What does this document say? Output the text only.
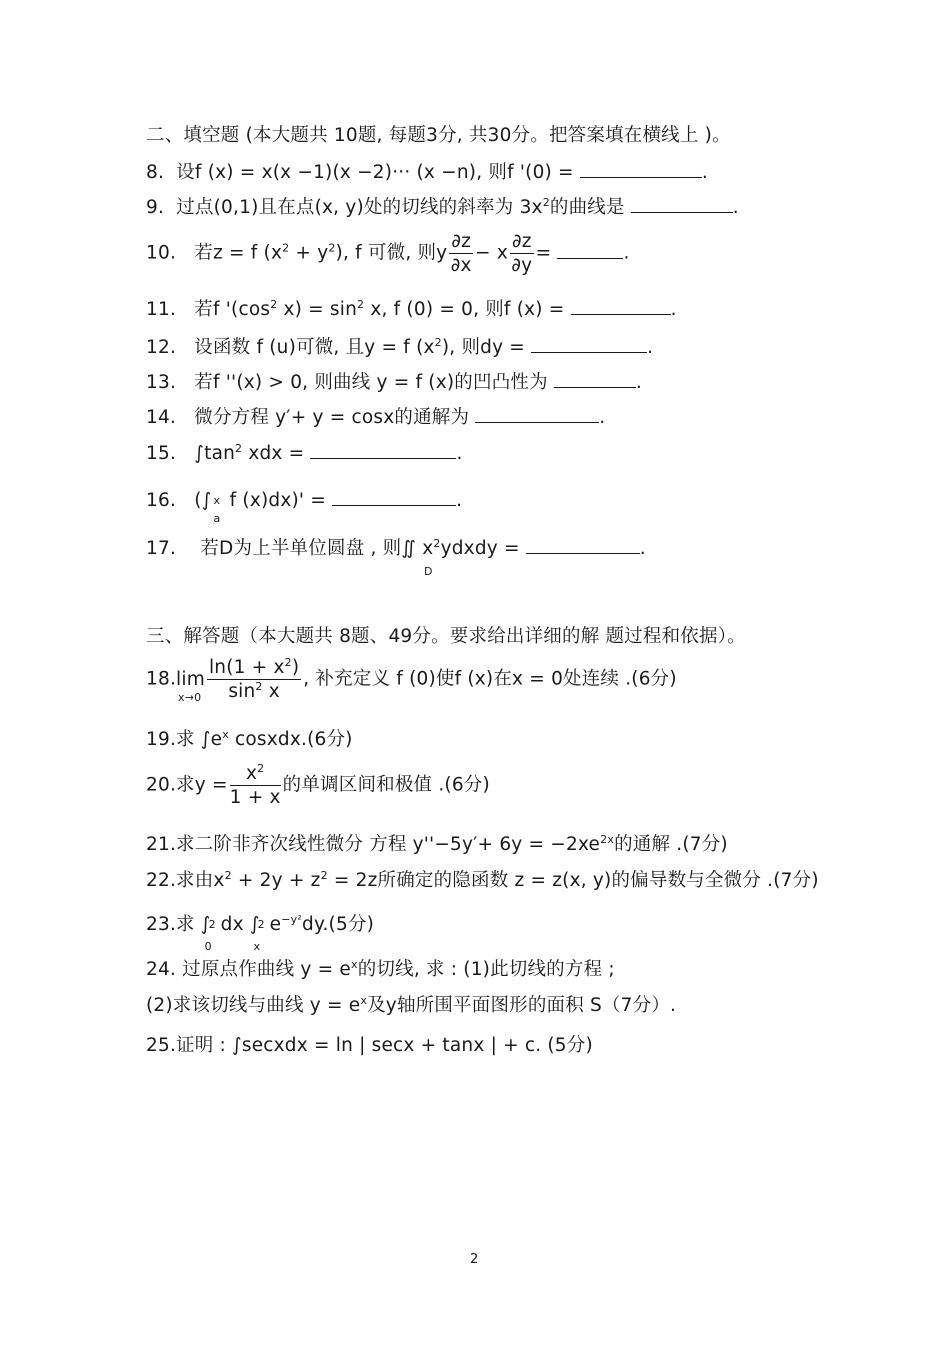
二、填空题 (本大题共 10题, 每题3分, 共30分。把答案填在横线上 )。
8. 设f (x) = x(x −1)(x −2)··· (x −n), 则f '(0) =	.
9. 过点(0,1)且在点(x, y)处的切线的斜率为 $3x^2$的曲线是	.
10. 若z = f $(x^2 + y^2)$, f 可微, 则y $\frac{\partial z}{\partial x} - x \frac{\partial z}{\partial y}$ =	.
11. 若f '($\cos^2$ $x) = \sin^2 x$, f (0) = 0, 则f (x) =	.
12. 设函数 f (u)可微, 且y = f $(x^2)$, 则dy =	.
13. 若f ''(x) > 0, 则曲线 y = f (x)的凹凸性为	.
14. 微分方程 y′+ y = cosx的通解为	.
15. $\int\tan^2$ xdx =	.
16. (∫ x
a
f (x)dx)' =	.
17. 若D为上半单位圆盘 , 则∬ $x^2ydxdy$ =	.
D
三、解答题（本大题共 8题、49分。要求给出详细的解 题过程和依据）。
18.lim
$x\to 0 \frac{\ln(1 + x^2)}{\sin^2 x}$ , 补充定义 f (0)使f (x)在x = 0处连续 .(6分)
19.求 $\int e^x$ cosxdx.(6分)
20.求$y = \frac{x^2}{1 + x}$ 的单调区间和极值 .(6分)
21.求二阶非齐次线性微分 方程 $y''-5y'+ 6y = -2xe^{2x}$的通解 .(7分)
22.求由$x^2 + 2y + z^2 = 2z$所确定的隐函数 z = z(x, y)的偏导数与全微分 .(7分)
23.求 ∫
2
0
dx ∫
2
x
$e^{-y^2}dy.(5$分)
24. 过原点作曲线 $y = e^x$的切线, 求 : (1)此切线的方程 ;
(2)求该切线与曲线 $y = e^x$及y轴所围平面图形的面积 S（7分）.
25.证明 : ∫secxdx = ln | secx + tanx | + c. (5分)
2
